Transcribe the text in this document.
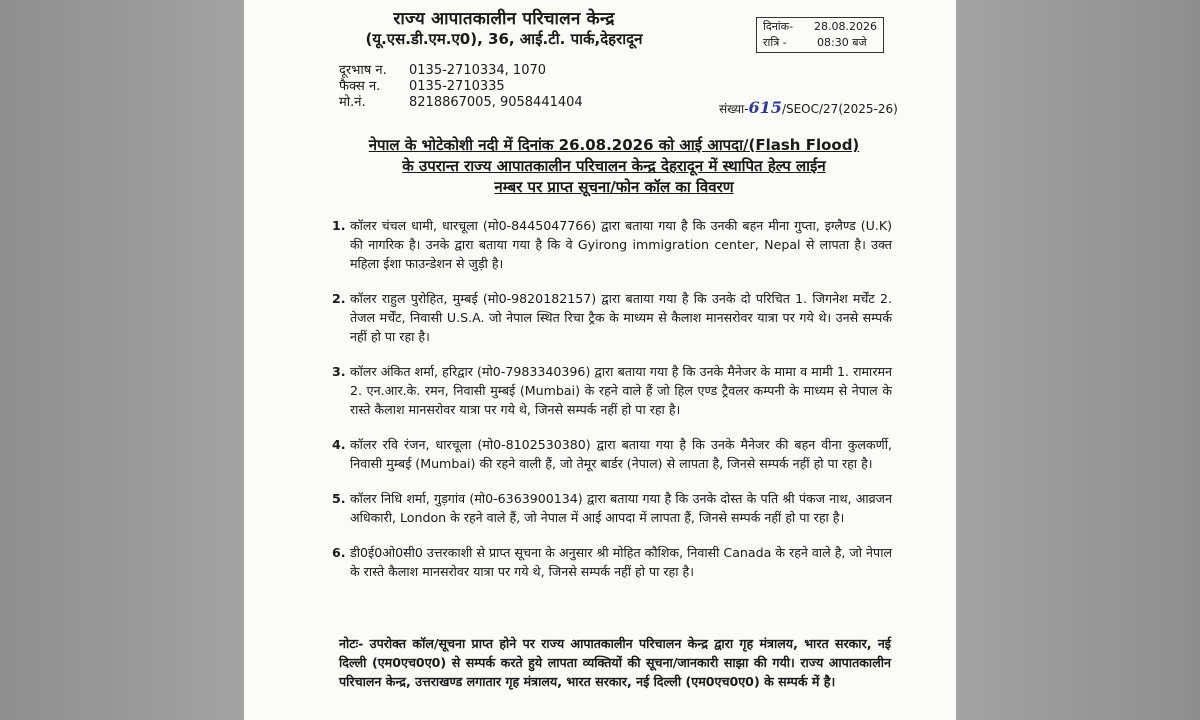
राज्य आपातकालीन परिचालन केन्द्र
(यू.एस.डी.एम.ए0), 36, आई.टी. पार्क,देहरादून
दिनांक-	28.08.2026
रात्रि -	08:30 बजे
दूरभाष न.	0135-2710334, 1070
फैक्स न.	0135-2710335
मो.नं.	8218867005, 9058441404	संख्या-615/SEOC/27(2025-26)
नेपाल के भोटेकोशी नदी में दिनांक 26.08.2026 को आई आपदा/(Flash Flood)
के उपरान्त राज्य आपातकालीन परिचालन केन्द्र देहरादून में स्थापित हेल्प लाईन
नम्बर पर प्राप्त सूचना/फोन कॉल का विवरण
1. कॉलर चंचल धामी, धारचूला (मो0-8445047766) द्वारा बताया गया है कि उनकी बहन मीना गुप्ता, इग्लैण्ड (U.K) की नागरिक है। उनके द्वारा बताया गया है कि वे Gyirong immigration center, Nepal से लापता है। उक्त महिला ईशा फाउन्डेशन से जुड़ी है।
2. कॉलर राहुल पुरोहित, मुम्बई (मो0-9820182157) द्वारा बताया गया है कि उनके दो परिचित 1. जिगनेश मर्चेंट 2. तेजल मर्चेंट, निवासी U.S.A. जो नेपाल स्थित रिचा ट्रैक के माध्यम से कैलाश मानसरोवर यात्रा पर गये थे। उनसे सम्पर्क नहीं हो पा रहा है।
3. कॉलर अंकित शर्मा, हरिद्वार (मो0-7983340396) द्वारा बताया गया है कि उनके मैनेजर के मामा व मामी 1. रामारमन 2. एन.आर.के. रमन, निवासी मुम्बई (Mumbai) के रहने वाले हैं जो हिल एण्ड ट्रैवलर कम्पनी के माध्यम से नेपाल के रास्ते कैलाश मानसरोवर यात्रा पर गये थे, जिनसे सम्पर्क नहीं हो पा रहा है।
4. कॉलर रवि रंजन, धारचूला (मो0-8102530380) द्वारा बताया गया है कि उनके मैनेजर की बहन वीना कुलकर्णी, निवासी मुम्बई (Mumbai) की रहने वाली हैं, जो तेमूर बार्डर (नेपाल) से लापता है, जिनसे सम्पर्क नहीं हो पा रहा है।
5. कॉलर निधि शर्मा, गुड़गांव (मो0-6363900134) द्वारा बताया गया है कि उनके दोस्त के पति श्री पंकज नाथ, आव्रजन अधिकारी, London के रहने वाले हैं, जो नेपाल में आई आपदा में लापता हैं, जिनसे सम्पर्क नहीं हो पा रहा है।
6. डी0ई0ओ0सी0 उत्तरकाशी से प्राप्त सूचना के अनुसार श्री मोहित कौशिक, निवासी Canada के रहने वाले है, जो नेपाल के रास्ते कैलाश मानसरोवर यात्रा पर गये थे, जिनसे सम्पर्क नहीं हो पा रहा है।
नोटः- उपरोक्त कॉल/सूचना प्राप्त होने पर राज्य आपातकालीन परिचालन केन्द्र द्वारा गृह मंत्रालय, भारत सरकार, नई दिल्ली (एम0एच0ए0) से सम्पर्क करते हुये लापता व्यक्तियों की सूचना/जानकारी साझा की गयी। राज्य आपातकालीन परिचालन केन्द्र, उत्तराखण्ड लगातार गृह मंत्रालय, भारत सरकार, नई दिल्ली (एम0एच0ए0) के सम्पर्क में है।
